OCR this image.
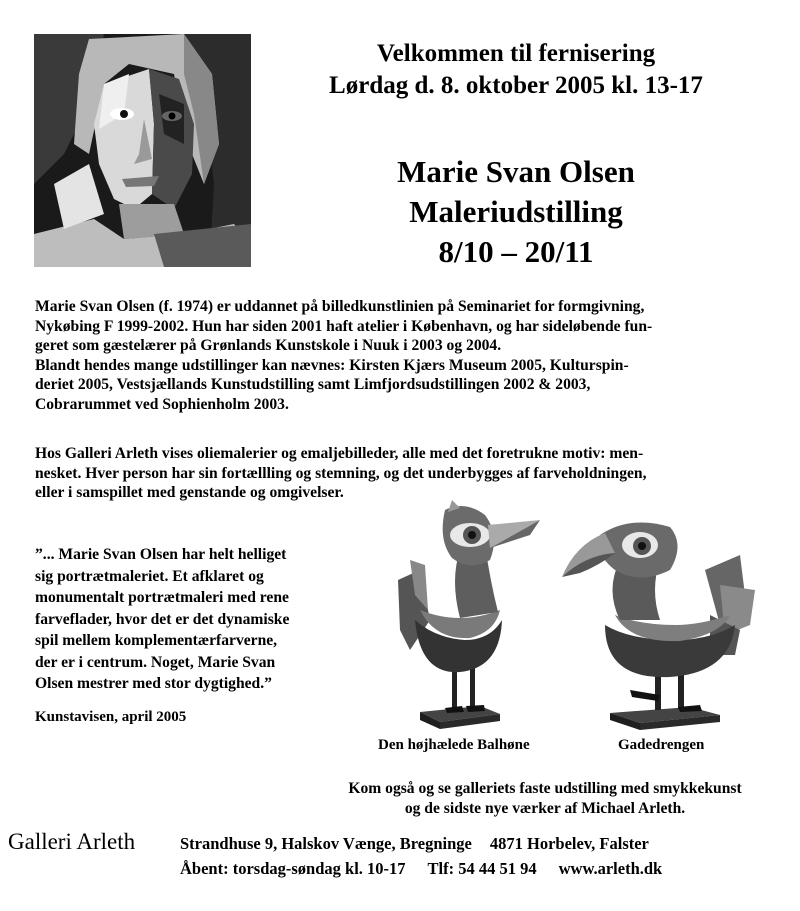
Velkommen til fernisering
Lørdag d. 8. oktober 2005 kl. 13-17
Marie Svan Olsen
Maleriudstilling
8/10 – 20/11
Marie Svan Olsen (f. 1974) er uddannet på billedkunstlinien på Seminariet for formgivning,
Nykøbing F 1999-2002. Hun har siden 2001 haft atelier i København, og har sideløbende fun-
geret som gæstelærer på Grønlands Kunstskole i Nuuk i 2003 og 2004.
Blandt hendes mange udstillinger kan nævnes: Kirsten Kjærs Museum 2005, Kulturspin-
deriet 2005, Vestsjællands Kunstudstilling samt Limfjordsudstillingen 2002 & 2003,
Cobrarummet ved Sophienholm 2003.
Hos Galleri Arleth vises oliemalerier og emaljebilleder, alle med det foretrukne motiv: men-
nesket. Hver person har sin fortællling og stemning, og det underbygges af farveholdningen,
eller i samspillet med genstande og omgivelser.
”... Marie Svan Olsen har helt helliget
sig portrætmaleriet. Et afklaret og
monumentalt portrætmaleri med rene
farveflader, hvor det er det dynamiske
spil mellem komplementærfarverne,
der er i centrum. Noget, Marie Svan
Olsen mestrer med stor dygtighed.”
Kunstavisen, april 2005
Den højhælede Balhøne	Gadedrengen
Kom også og se galleriets faste udstilling med smykkekunst
og de sidste nye værker af Michael Arleth.
Galleri Arleth	Strandhuse 9, Halskov Vænge, Bregninge 4871 Horbelev, Falster
Åbent: torsdag-søndag kl. 10-17 Tlf: 54 44 51 94 www.arleth.dk
